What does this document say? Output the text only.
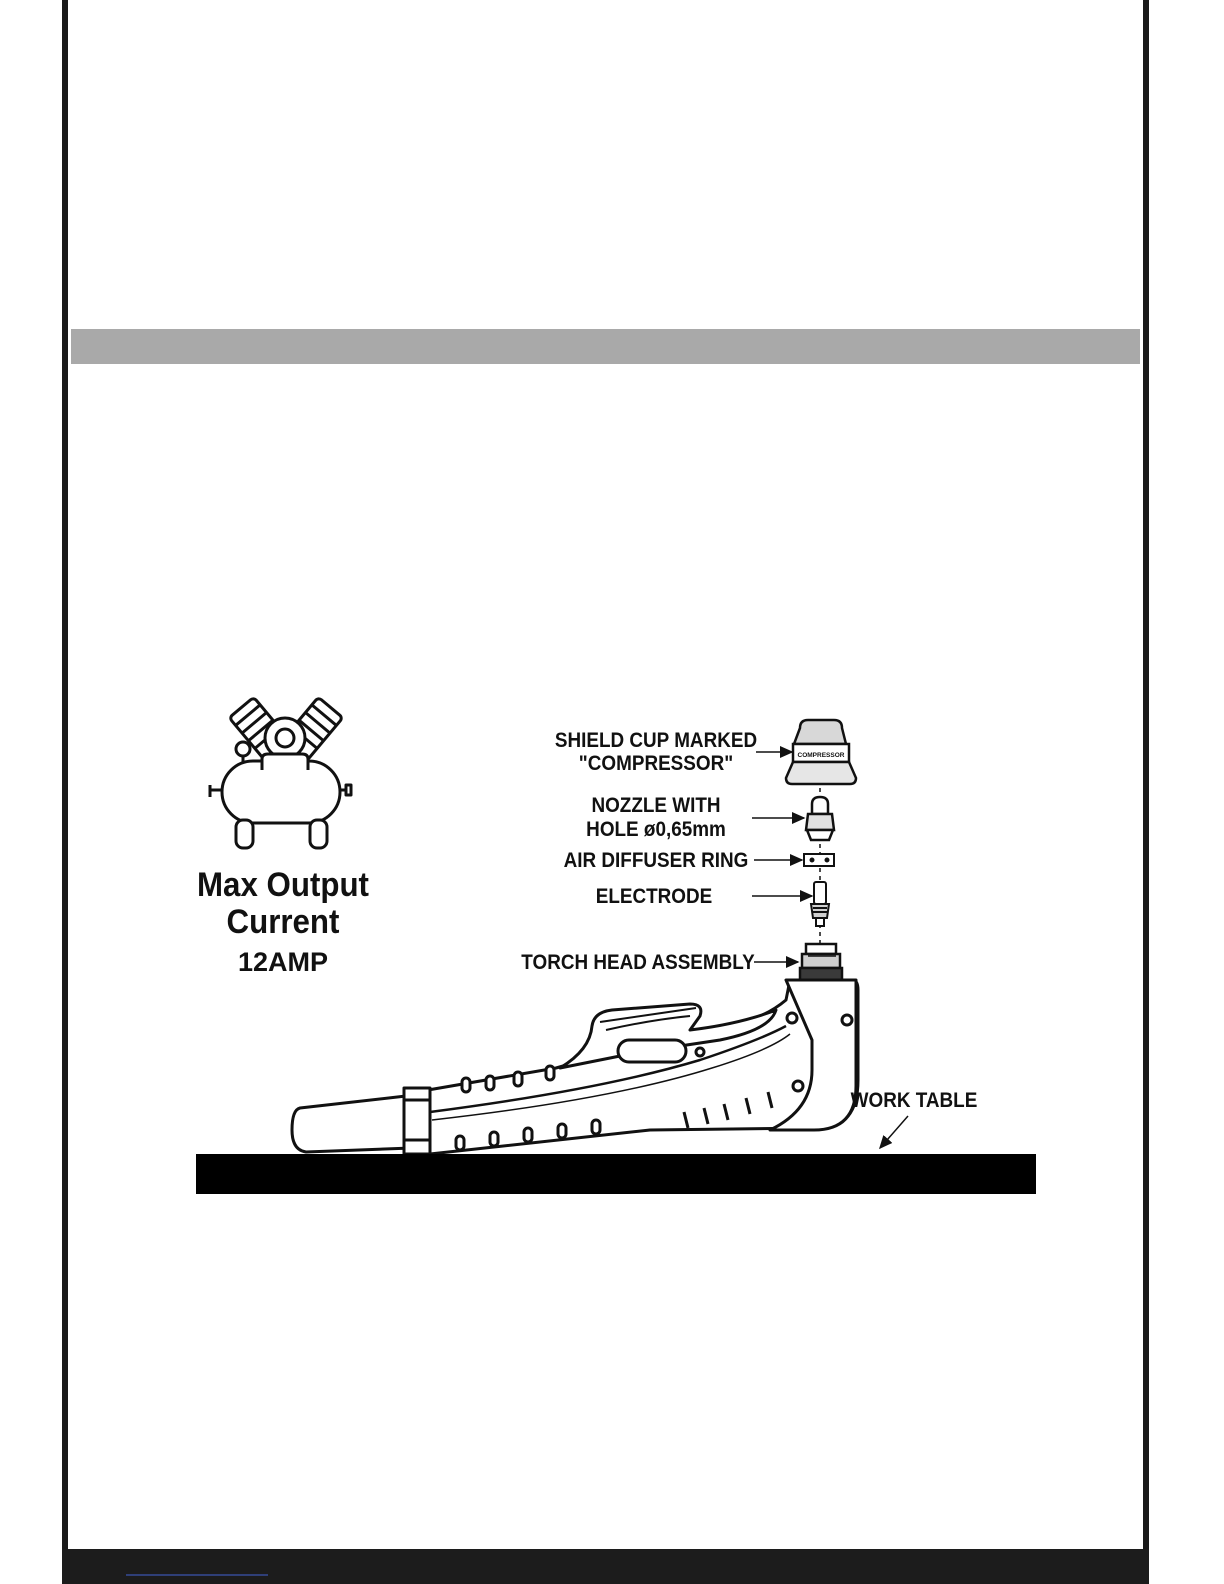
Max Output
Current
12AMP
COMPRESSOR
SHIELD CUP MARKED
"COMPRESSOR"
NOZZLE WITH
HOLE ø0,65mm
AIR DIFFUSER RING
ELECTRODE
TORCH HEAD ASSEMBLY
WORK TABLE
